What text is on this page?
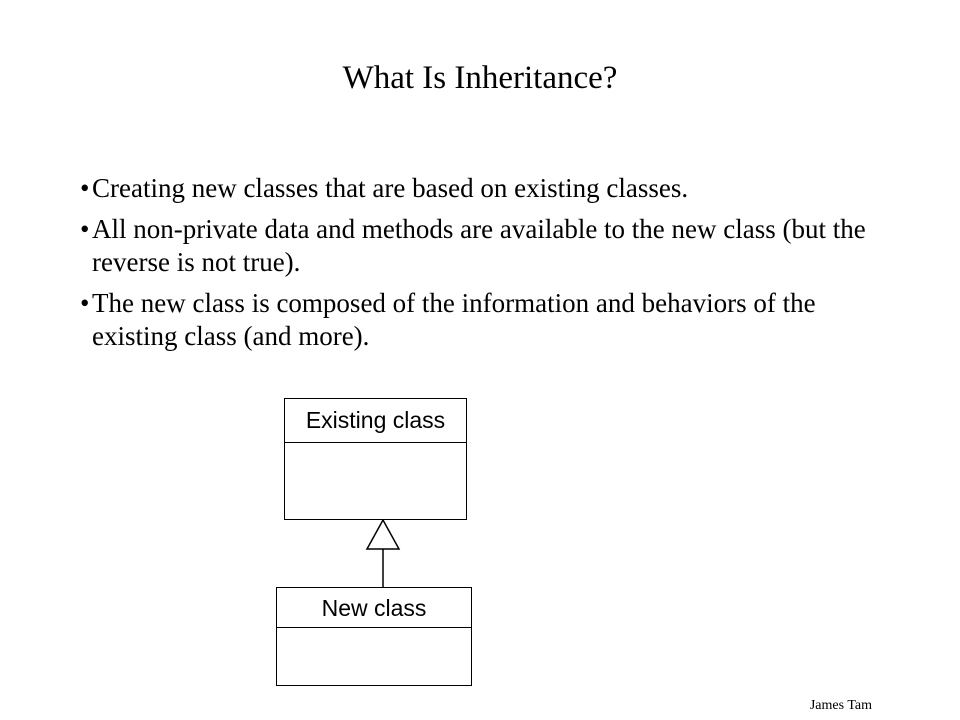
What Is Inheritance?
• Creating new classes that are based on existing classes.
• All non-private data and methods are available to the new class (but the reverse is not true).
• The new class is composed of the information and behaviors of the existing class (and more).
Existing class
New class
James Tam
